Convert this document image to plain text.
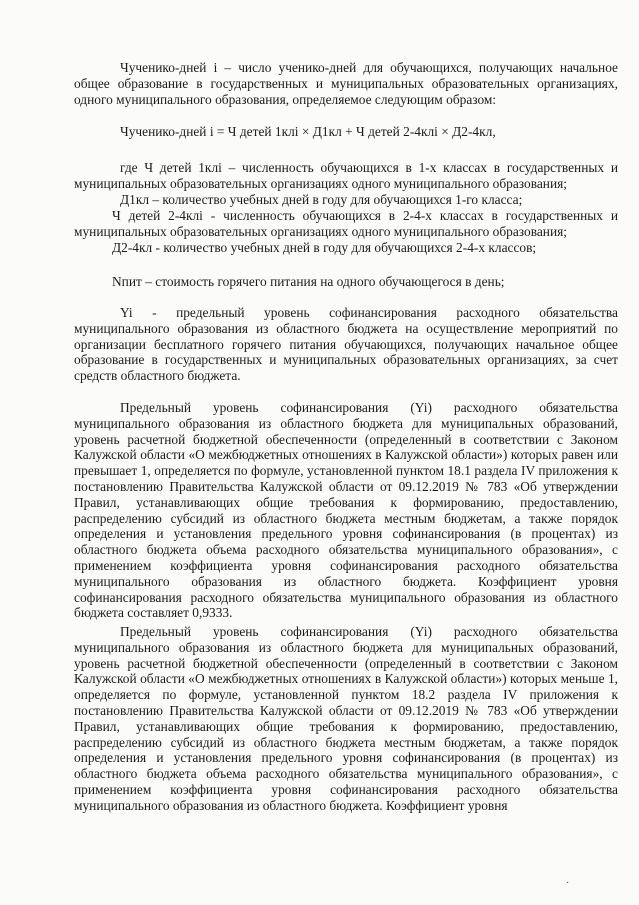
Чученико-дней i – число ученико-дней для обучающихся, получающих начальное общее образование в государственных и муниципальных образовательных организациях, одного муниципального образования, определяемое следующим образом:

Чученико-дней i = Ч детей 1клi × Д1кл + Ч детей 2-4клi × Д2-4кл,

где Ч детей 1клi – численность обучающихся в 1-х классах в государственных и муниципальных образовательных организациях одного муниципального образования;

Д1кл – количество учебных дней в году для обучающихся 1-го класса;

Ч детей 2-4клi - численность обучающихся в 2-4-х классах в государственных и муниципальных образовательных организациях одного муниципального образования;

Д2-4кл - количество учебных дней в году для обучающихся 2-4-х классов;

Nпит – стоимость горячего питания на одного обучающегося в день;

Yi - предельный уровень софинансирования расходного обязательства муниципального образования из областного бюджета на осуществление мероприятий по организации бесплатного горячего питания обучающихся, получающих начальное общее образование в государственных и муниципальных образовательных организациях, за счет средств областного бюджета.

Предельный уровень софинансирования (Yi) расходного обязательства муниципального образования из областного бюджета для муниципальных образований, уровень расчетной бюджетной обеспеченности (определенный в соответствии с Законом Калужской области «О межбюджетных отношениях в Калужской области») которых равен или превышает 1, определяется по формуле, установленной пунктом 18.1 раздела IV приложения к постановлению Правительства Калужской области от 09.12.2019 № 783 «Об утверждении Правил, устанавливающих общие требования к формированию, предоставлению, распределению субсидий из областного бюджета местным бюджетам, а также порядок определения и установления предельного уровня софинансирования (в процентах) из областного бюджета объема расходного обязательства муниципального образования», с применением коэффициента уровня софинансирования расходного обязательства муниципального образования из областного бюджета. Коэффициент уровня софинансирования расходного обязательства муниципального образования из областного бюджета составляет 0,9333.

Предельный уровень софинансирования (Yi) расходного обязательства муниципального образования из областного бюджета для муниципальных образований, уровень расчетной бюджетной обеспеченности (определенный в соответствии с Законом Калужской области «О межбюджетных отношениях в Калужской области») которых меньше 1, определяется по формуле, установленной пунктом 18.2 раздела IV приложения к постановлению Правительства Калужской области от 09.12.2019 № 783 «Об утверждении Правил, устанавливающих общие требования к формированию, предоставлению, распределению субсидий из областного бюджета местным бюджетам, а также порядок определения и установления предельного уровня софинансирования (в процентах) из областного бюджета объема расходного обязательства муниципального образования», с применением коэффициента уровня софинансирования расходного обязательства муниципального образования из областного бюджета. Коэффициент уровня

·
